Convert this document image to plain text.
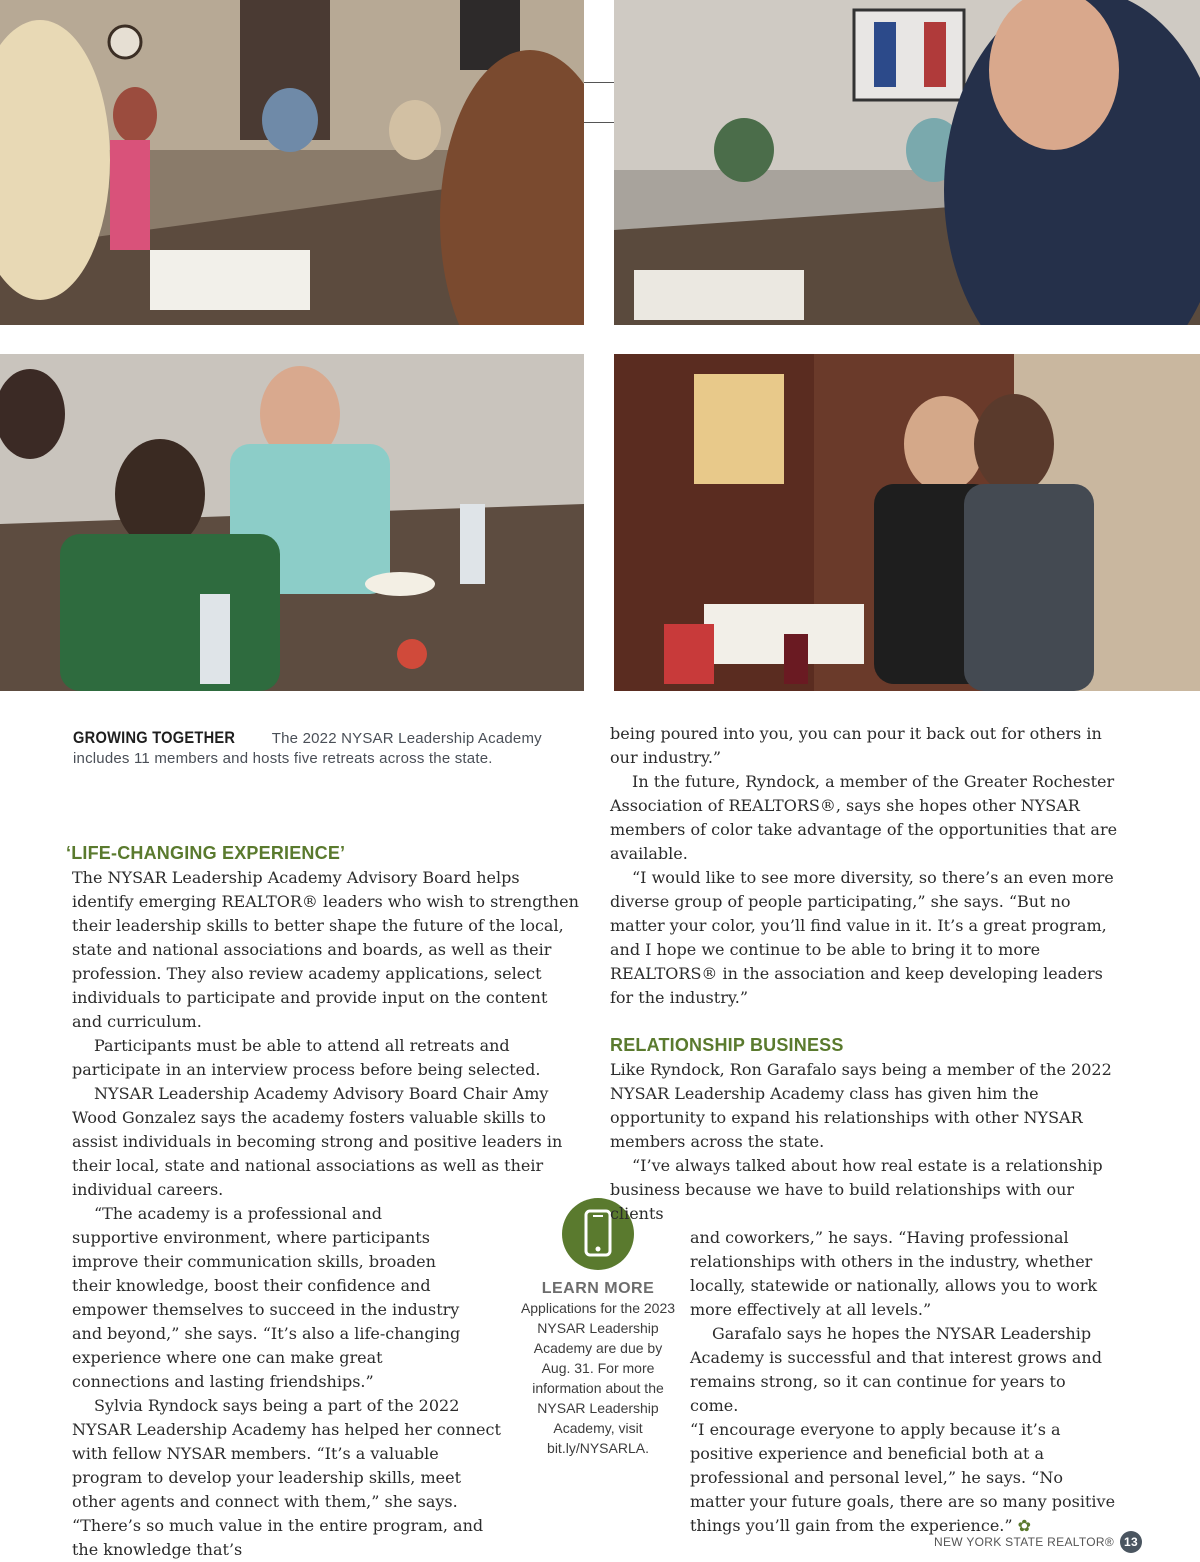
GROWING TOGETHER The 2022 NYSAR Leadership Academy includes 11 members and hosts five retreats across the state.
‘LIFE-CHANGING EXPERIENCE’

The NYSAR Leadership Academy Advisory Board helps identify emerging REALTOR® leaders who wish to strengthen their leadership skills to better shape the future of the local, state and national associations and boards, as well as their profession. They also review academy applications, select individuals to participate and provide input on the content and curriculum.

Participants must be able to attend all retreats and participate in an interview process before being selected.

NYSAR Leadership Academy Advisory Board Chair Amy Wood Gonzalez says the academy fosters valuable skills to assist individuals in becoming strong and positive leaders in their local, state and national associations as well as their individual careers.

“The academy is a professional and supportive environment, where participants improve their communication skills, broaden their knowledge, boost their confidence and empower themselves to succeed in the industry and beyond,” she says. “It’s also a life-changing experience where one can make great connections and lasting friendships.”

Sylvia Ryndock says being a part of the 2022 NYSAR Leadership Academy has helped her connect with fellow NYSAR members. “It’s a valuable program to develop your leadership skills, meet other agents and connect with them,” she says. “There’s so much value in the entire program, and the knowledge that’s

LEARN MORE
Applications for the 2023 NYSAR Leadership Academy are due by Aug. 31. For more information about the NYSAR Leadership Academy, visit bit.ly/NYSARLA.

being poured into you, you can pour it back out for others in our industry.”

In the future, Ryndock, a member of the Greater Rochester Association of REALTORS®, says she hopes other NYSAR members of color take advantage of the opportunities that are available.

“I would like to see more diversity, so there’s an even more diverse group of people participating,” she says. “But no matter your color, you’ll find value in it. It’s a great program, and I hope we continue to be able to bring it to more REALTORS® in the association and keep developing leaders for the industry.”

RELATIONSHIP BUSINESS

Like Ryndock, Ron Garafalo says being a member of the 2022 NYSAR Leadership Academy class has given him the opportunity to expand his relationships with other NYSAR members across the state.

“I’ve always talked about how real estate is a relationship business because we have to build relationships with our clients

and coworkers,” he says. “Having professional relationships with others in the industry, whether locally, statewide or nationally, allows you to work more effectively at all levels.”

Garafalo says he hopes the NYSAR Leadership Academy is successful and that interest grows and remains strong, so it can continue for years to come.

“I encourage everyone to apply because it’s a positive experience and beneficial both at a professional and personal level,” he says. “No matter your future goals, there are so many positive things you’ll gain from the experience.” ✿

NEW YORK STATE REALTOR® 13
